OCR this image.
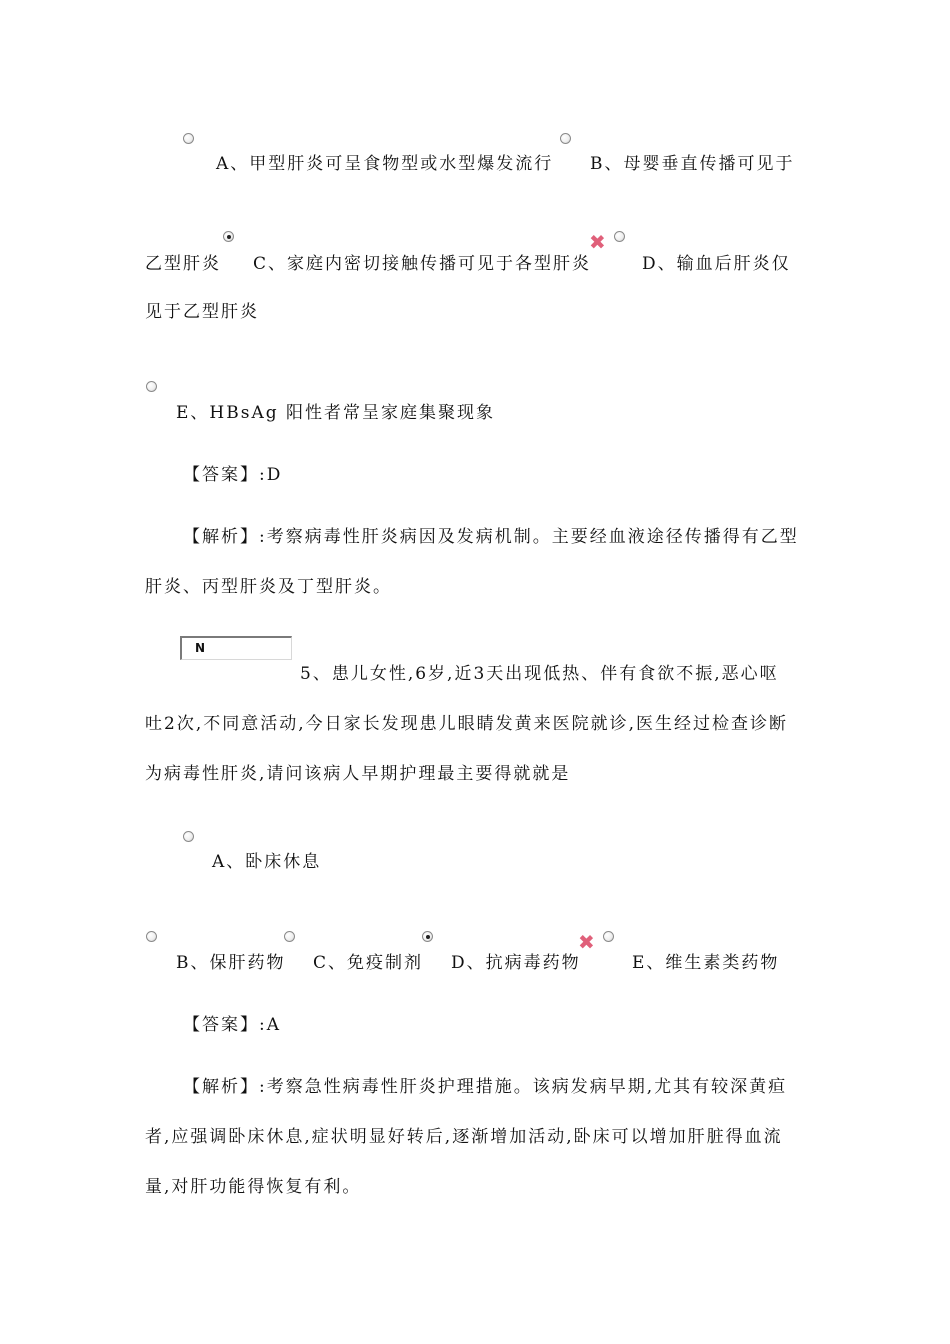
A、甲型肝炎可呈食物型或水型爆发流行 B、母婴垂直传播可见于
乙型肝炎 C、家庭内密切接触传播可见于各型肝炎
✖
D、输血后肝炎仅
见于乙型肝炎
E、HBsAg 阳性者常呈家庭集聚现象
【答案】:D
【解析】:考察病毒性肝炎病因及发病机制。主要经血液途径传播得有乙型
肝炎、丙型肝炎及丁型肝炎。
N
5、患儿女性,6岁,近3天出现低热、伴有食欲不振,恶心呕
吐2次,不同意活动,今日家长发现患儿眼睛发黄来医院就诊,医生经过检查诊断
为病毒性肝炎,请问该病人早期护理最主要得就就是
A、卧床休息
B、保肝药物 C、免疫制剂 D、抗病毒药物
✖
E、维生素类药物
【答案】:A
【解析】:考察急性病毒性肝炎护理措施。该病发病早期,尤其有较深黄疸
者,应强调卧床休息,症状明显好转后,逐渐增加活动,卧床可以增加肝脏得血流
量,对肝功能得恢复有利。
